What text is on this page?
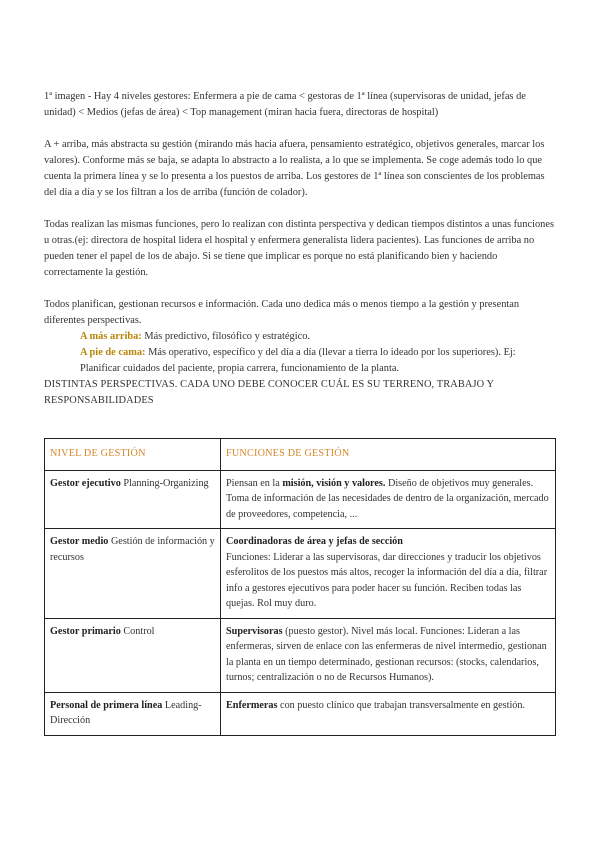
1ª imagen - Hay 4 niveles gestores: Enfermera a pie de cama < gestoras de 1ª línea (supervisoras de unidad, jefas de unidad) < Medios (jefas de área) < Top management (miran hacia fuera, directoras de hospital)

A + arriba, más abstracta su gestión (mirando más hacia afuera, pensamiento estratégico, objetivos generales, marcar los valores). Conforme más se baja, se adapta lo abstracto a lo realista, a lo que se implementa. Se coge además todo lo que cuenta la primera línea y se lo presenta a los puestos de arriba. Los gestores de 1ª línea son conscientes de los problemas del día a día y se los filtran a los de arriba (función de colador).

Todas realizan las mismas funciones, pero lo realizan con distinta perspectiva y dedican tiempos distintos a unas funciones u otras.(ej: directora de hospital lidera el hospital y enfermera generalista lidera pacientes). Las funciones de arriba no pueden tener el papel de los de abajo. Si se tiene que implicar es porque no está planificando bien y haciendo correctamente la gestión.

Todos planifican, gestionan recursos e información. Cada uno dedica más o menos tiempo a la gestión y presentan diferentes perspectivas.

A más arriba: Más predictivo, filosófico y estratégico.

A pie de cama: Más operativo, específico y del día a día (llevar a tierra lo ideado por los superiores). Ej: Planificar cuidados del paciente, propia carrera, funcionamiento de la planta.

DISTINTAS PERSPECTIVAS. CADA UNO DEBE CONOCER CUÁL ES SU TERRENO, TRABAJO Y RESPONSABILIDADES

NIVEL DE GESTIÓN	FUNCIONES DE GESTIÓN
Gestor ejecutivo Planning-Organizing	Piensan en la misión, visión y valores. Diseño de objetivos muy generales. Toma de información de las necesidades de dentro de la organización, mercado de proveedores, competencia, ...
Gestor medio Gestión de información y recursos	Coordinadoras de área y jefas de sección
Funciones: Liderar a las supervisoras, dar direcciones y traducir los objetivos esferolitos de los puestos más altos, recoger la información del día a día, filtrar info a gestores ejecutivos para poder hacer su función. Reciben todas las quejas. Rol muy duro.
Gestor primario Control	Supervisoras (puesto gestor). Nivel más local. Funciones: Lideran a las enfermeras, sirven de enlace con las enfermeras de nivel intermedio, gestionan la planta en un tiempo determinado, gestionan recursos: (stocks, calendarios, turnos; centralización o no de Recursos Humanos).
Personal de primera línea Leading-Dirección	Enfermeras con puesto clínico que trabajan transversalmente en gestión.
